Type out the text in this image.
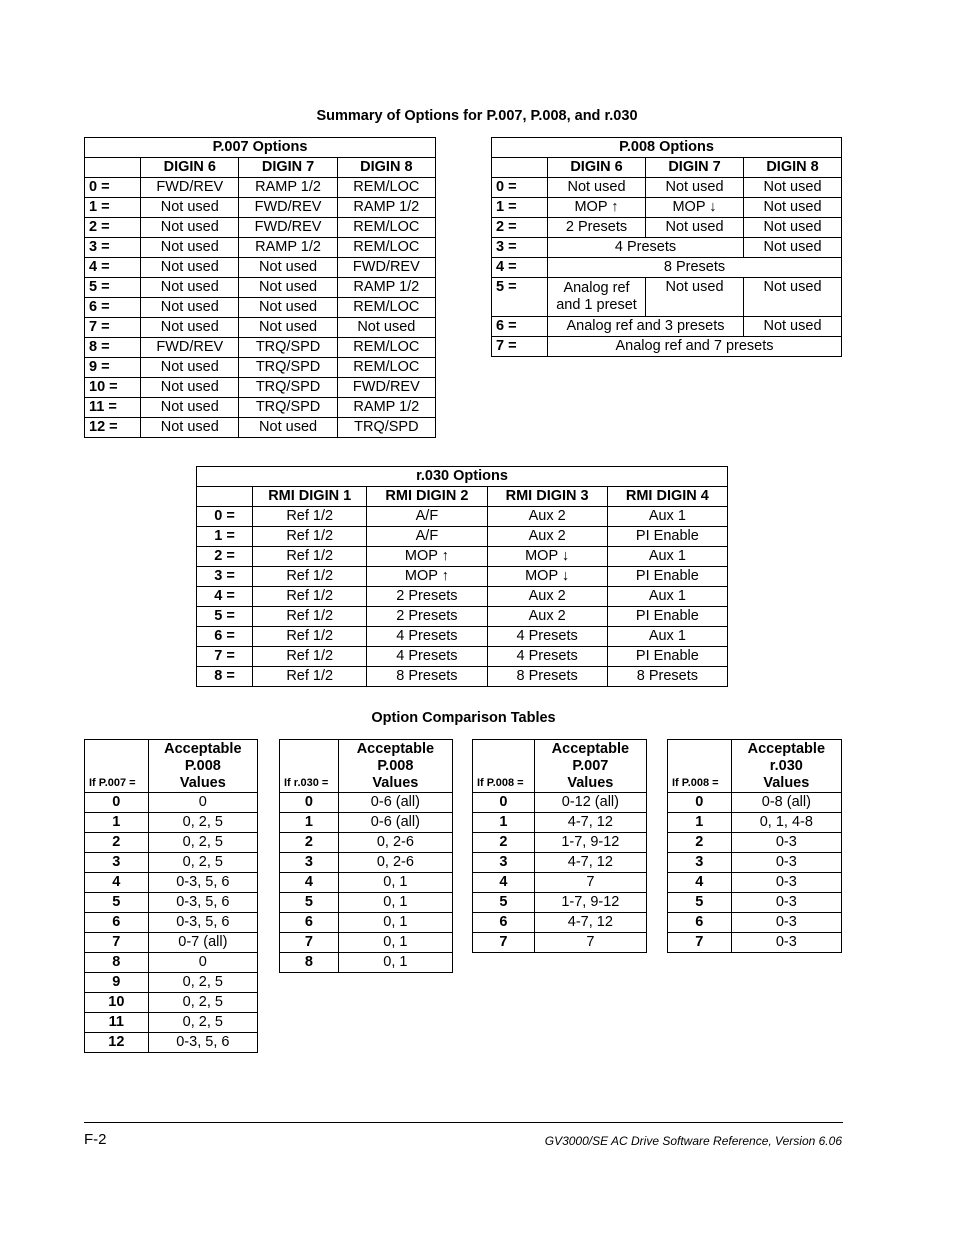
Summary of Options for P.007, P.008, and r.030
P.007 Options			
	DIGIN 6	DIGIN 7	DIGIN 8
0 =	FWD/REV	RAMP 1/2	REM/LOC
1 =	Not used	FWD/REV	RAMP 1/2
2 =	Not used	FWD/REV	REM/LOC
3 =	Not used	RAMP 1/2	REM/LOC
4 =	Not used	Not used	FWD/REV
5 =	Not used	Not used	RAMP 1/2
6 =	Not used	Not used	REM/LOC
7 =	Not used	Not used	Not used
8 =	FWD/REV	TRQ/SPD	REM/LOC
9 =	Not used	TRQ/SPD	REM/LOC
10 =	Not used	TRQ/SPD	FWD/REV
11 =	Not used	TRQ/SPD	RAMP 1/2
12 =	Not used	Not used	TRQ/SPD
P.008 Options			
	DIGIN 6	DIGIN 7	DIGIN 8
0 =	Not used	Not used	Not used
1 =	MOP ↑	MOP ↓	Not used
2 =	2 Presets	Not used	Not used
3 =	4 Presets		Not used
4 =	8 Presets		
5 =	Analog ref
and 1 preset	Not used	Not used
6 =	Analog ref and 3 presets		Not used
7 =	Analog ref and 7 presets		
r.030 Options				
	RMI DIGIN 1	RMI DIGIN 2	RMI DIGIN 3	RMI DIGIN 4
0 =	Ref 1/2	A/F	Aux 2	Aux 1
1 =	Ref 1/2	A/F	Aux 2	PI Enable
2 =	Ref 1/2	MOP ↑	MOP ↓	Aux 1
3 =	Ref 1/2	MOP ↑	MOP ↓	PI Enable
4 =	Ref 1/2	2 Presets	Aux 2	Aux 1
5 =	Ref 1/2	2 Presets	Aux 2	PI Enable
6 =	Ref 1/2	4 Presets	4 Presets	Aux 1
7 =	Ref 1/2	4 Presets	4 Presets	PI Enable
8 =	Ref 1/2	8 Presets	8 Presets	8 Presets
Option Comparison Tables
If P.007 =	Acceptable
P.008
Values
0	0
1	0, 2, 5
2	0, 2, 5
3	0, 2, 5
4	0-3, 5, 6
5	0-3, 5, 6
6	0-3, 5, 6
7	0-7 (all)
8	0
9	0, 2, 5
10	0, 2, 5
11	0, 2, 5
12	0-3, 5, 6
If r.030 =	Acceptable
P.008
Values
0	0-6 (all)
1	0-6 (all)
2	0, 2-6
3	0, 2-6
4	0, 1
5	0, 1
6	0, 1
7	0, 1
8	0, 1
If P.008 =	Acceptable
P.007
Values
0	0-12 (all)
1	4-7, 12
2	1-7, 9-12
3	4-7, 12
4	7
5	1-7, 9-12
6	4-7, 12
7	7
If P.008 =	Acceptable
r.030
Values
0	0-8 (all)
1	0, 1, 4-8
2	0-3
3	0-3
4	0-3
5	0-3
6	0-3
7	0-3
F-2	GV3000/SE AC Drive Software Reference, Version 6.06
